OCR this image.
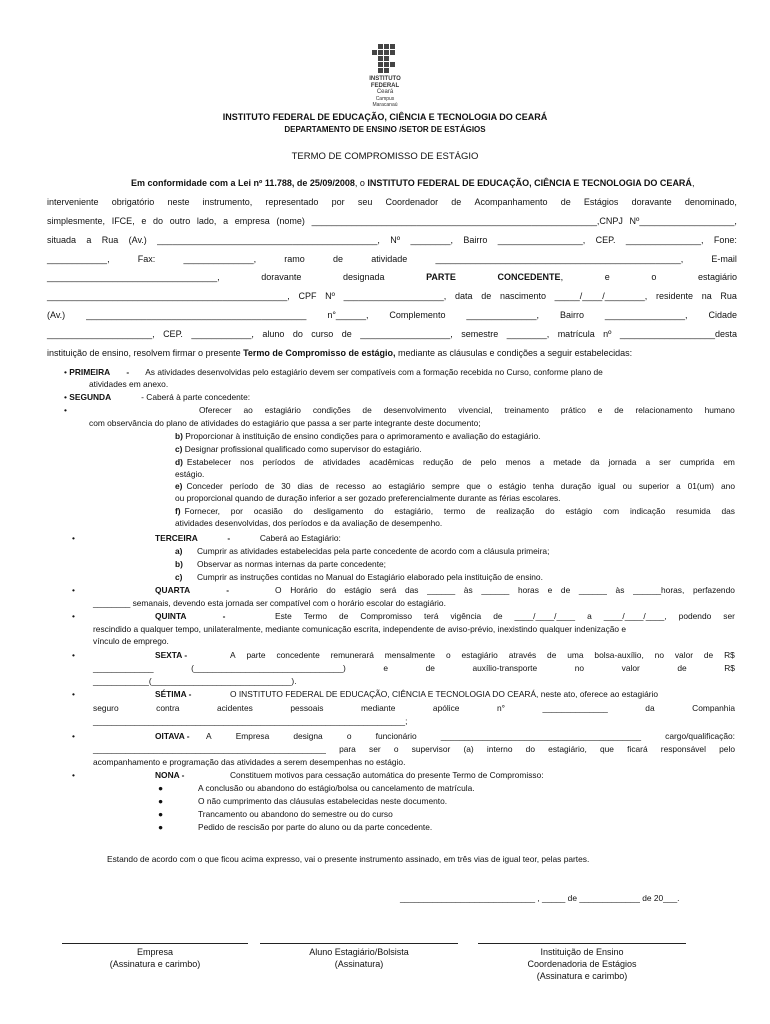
INSTITUTO
FEDERAL
Ceará
Campus
Maracanaú
INSTITUTO FEDERAL DE EDUCAÇÃO, CIÊNCIA E TECNOLOGIA DO CEARÁ
DEPARTAMENTO DE ENSINO /SETOR DE ESTÁGIOS
TERMO DE COMPROMISSO DE ESTÁGIO
Em conformidade com a Lei nº 11.788, de 25/09/2008, o INSTITUTO FEDERAL DE EDUCAÇÃO, CIÊNCIA E TECNOLOGIA DO CEARÁ,
interveniente obrigatório neste instrumento, representado por seu Coordenador de Acompanhamento de Estágios doravante denominado,
simplesmente, IFCE, e do outro lado, a empresa (nome) _________________________________________________________,CNPJ Nº___________________,
situada a Rua (Av.) ____________________________________________, Nº ________, Bairro _________________, CEP. _______________, Fone:
____________,	Fax:	______________,	ramo	de	atividade	_________________________________________________,	E-mail
__________________________________,	doravante	designada	PARTE	CONCEDENTE,	e	o	estagiário
________________________________________________, CPF Nº ____________________, data de nascimento _____/____/________, residente na Rua
(Av.) ____________________________________________ n°______, Complemento ______________, Bairro ________________, Cidade
_____________________, CEP. ____________, aluno do curso de __________________, semestre ________, matrícula nº ___________________desta
instituição de ensino, resolvem firmar o presente Termo de Compromisso de estágio, mediante as cláusulas e condições a seguir estabelecidas:
• PRIMEIRA - As atividades desenvolvidas pelo estagiário devem ser compatíveis com a formação recebida no Curso, conforme plano de
atividades em anexo.
• SEGUNDA	- Caberá à parte concedente:
•	Oferecer ao estagiário condições de desenvolvimento vivencial, treinamento prático e de relacionamento humano
com observância do plano de atividades do estagiário que passa a ser parte integrante deste documento;
b) Proporcionar à instituição de ensino condições para o aprimoramento e avaliação do estagiário.
c) Designar profissional qualificado como supervisor do estagiário.
d) Estabelecer nos períodos de atividades acadêmicas redução de pelo menos a metade da jornada a ser cumprida em
estágio.
e) Conceder período de 30 dias de recesso ao estagiário sempre que o estágio tenha duração igual ou superior a 01(um) ano
ou proporcional quando de duração inferior a ser gozado preferencialmente durante as férias escolares.
f) Fornecer, por ocasião do desligamento do estagiário, termo de realização do estágio com indicação resumida das
atividades desenvolvidas, dos períodos e da avaliação de desempenho.
•	TERCEIRA	-	Caberá ao Estagiário:
a) Cumprir as atividades estabelecidas pela parte concedente de acordo com a cláusula primeira;
b) Observar as normas internas da parte concedente;
c) Cumprir as instruções contidas no Manual do Estagiário elaborado pela instituição de ensino.
•	QUARTA	-	O Horário do estágio será das ______ às ______ horas e de ______ às ______horas, perfazendo
________ semanais, devendo esta jornada ser compatível com o horário escolar do estagiário.
•	QUINTA	-	Este Termo de Compromisso terá vigência de ____/____/____ a ____/____/____, podendo ser
rescindido a qualquer tempo, unilateralmente, mediante comunicação escrita, independente de aviso-prévio, inexistindo qualquer indenização e
vínculo de emprego.
•	SEXTA -	A parte concedente remunerará mensalmente o estagiário através de uma bolsa-auxílio, no valor de R$
_____________	(________________________________)	e	de	auxílio-transporte	no	valor	de	R$
____________(______________________________).
•	SÉTIMA -	O INSTITUTO FEDERAL DE EDUCAÇÃO, CIÊNCIA E TECNOLOGIA DO CEARÁ, neste ato, oferece ao estagiário
seguro	contra	acidentes	pessoais	mediante	apólice	n°	______________	da	Companhia
___________________________________________________________________;
•	OITAVA - A	Empresa	designa	o	funcionário	___________________________________________	cargo/qualificação:
__________________________________________________ para ser o supervisor (a) interno do estagiário, que ficará responsável pelo
acompanhamento e programação das atividades a serem desempenhas no estágio.
•	NONA -	Constituem motivos para cessação automática do presente Termo de Compromisso:
●	A conclusão ou abandono do estágio/bolsa ou cancelamento de matrícula.
●	O não cumprimento das cláusulas estabelecidas neste documento.
●	Trancamento ou abandono do semestre ou do curso
●	Pedido de rescisão por parte do aluno ou da parte concedente.
Estando de acordo com o que ficou acima expresso, vai o presente instrumento assinado, em três vias de igual teor, pelas partes.
_____________________________ , _____ de _____________ de 20___.
Empresa
(Assinatura e carimbo)
Aluno Estagiário/Bolsista
(Assinatura)
Instituição de Ensino
Coordenadoria de Estágios
(Assinatura e carimbo)
